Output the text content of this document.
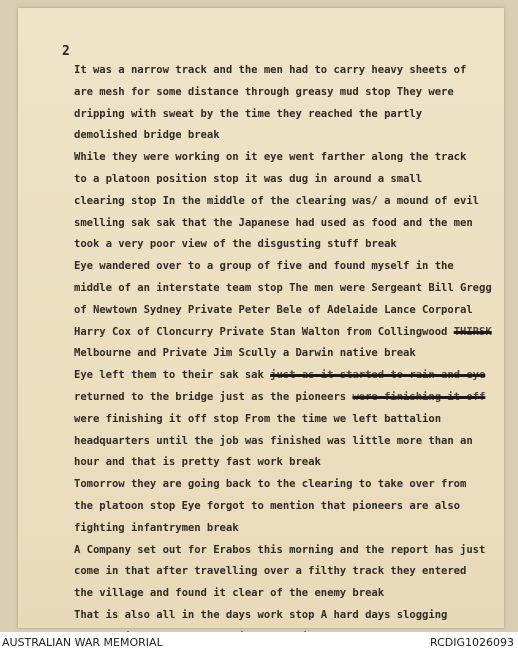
2
It was a narrow track and the men had to carry heavy sheets of
are mesh for some distance through greasy mud stop They were
dripping with sweat by the time they reached the partly
demolished bridge break
While they were working on it eye went farther along the track
to a platoon position stop it was dug in around a small
clearing stop In the middle of the clearing was/ a mound of evil
smelling sak sak that the Japanese had used as food and the men
took a very poor view of the disgusting stuff break
Eye wandered over to a group of five and found myself in the
middle of an interstate team stop The men were Sergeant Bill Gregg
of Newtown Sydney Private Peter Bele of Adelaide Lance Corporal
Harry Cox of Cloncurry Private Stan Walton from Collingwood THIRSK
Melbourne and Private Jim Scully a Darwin native break
Eye left them to their sak sak just as it started to rain and eye
returned to the bridge just as the pioneers were finishing it off
were finishing it off stop From the time we left battalion
headquarters until the job was finished was little more than an
hour and that is pretty fast work break
Tomorrow they are going back to the clearing to take over from
the platoon stop Eye forgot to mention that pioneers are also
fighting infantrymen break
A Company set out for Erabos this morning and the report has just
come in that after travelling over a filthy track they entered
the village and found it clear of the enemy break
That is also all in the days work stop A hard days slogging
AUSTRALIAN WAR MEMORIAL	RCDIG1026093
